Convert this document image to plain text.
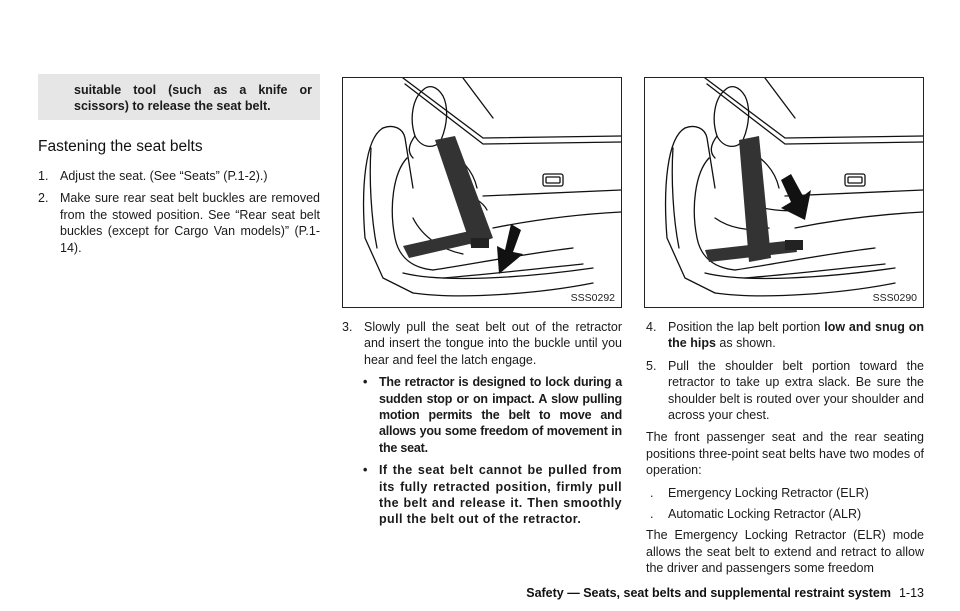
suitable tool (such as a knife or scissors) to release the seat belt.

Fastening the seat belts
1. Adjust the seat. (See “Seats” (P.1-2).)
2. Make sure rear seat belt buckles are removed from the stowed position. See “Rear seat belt buckles (except for Cargo Van models)” (P.1-14).
SSS0292	SSS0290
3. Slowly pull the seat belt out of the retractor and insert the tongue into the buckle until you hear and feel the latch engage.
• The retractor is designed to lock during a sudden stop or on impact. A slow pulling motion permits the belt to move and allows you some freedom of movement in the seat.
• If the seat belt cannot be pulled from its fully retracted position, firmly pull the belt and release it. Then smoothly pull the belt out of the retractor.
4. Position the lap belt portion low and snug on the hips as shown.
5. Pull the shoulder belt portion toward the retractor to take up extra slack. Be sure the shoulder belt is routed over your shoulder and across your chest.

The front passenger seat and the rear seating positions three-point seat belts have two modes of operation:

. Emergency Locking Retractor (ELR)
. Automatic Locking Retractor (ALR)

The Emergency Locking Retractor (ELR) mode allows the seat belt to extend and retract to allow the driver and passengers some freedom

Safety — Seats, seat belts and supplemental restraint system 1-13
